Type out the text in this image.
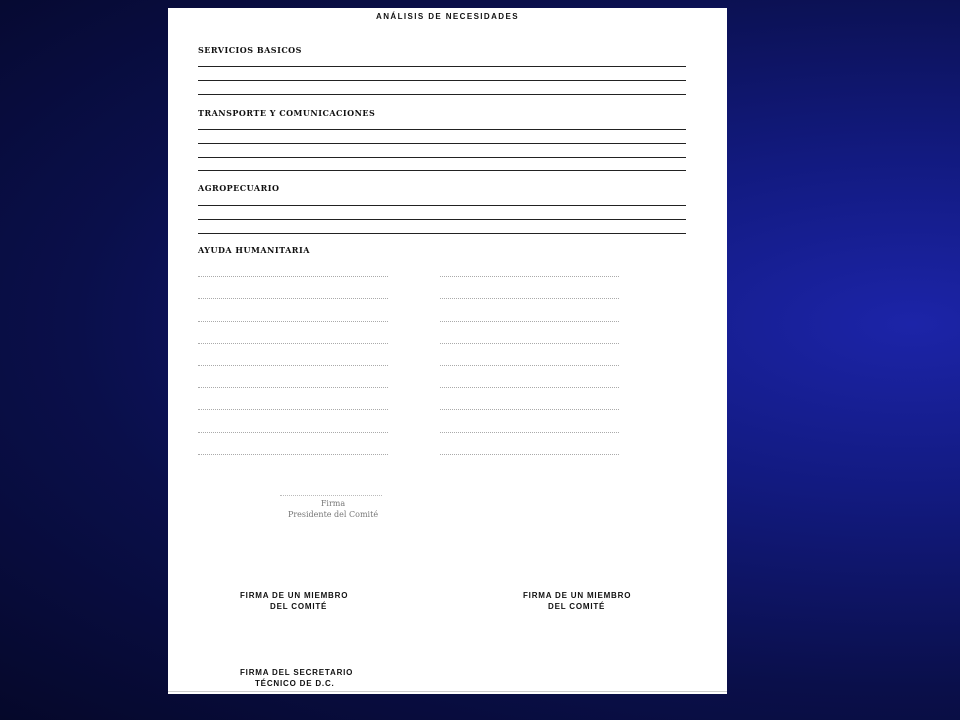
ANÁLISIS DE NECESIDADES
SERVICIOS BASICOS
TRANSPORTE Y COMUNICACIONES
AGROPECUARIO
AYUDA HUMANITARIA
Firma
Presidente del Comité
FIRMA DE UN MIEMBRO
DEL COMITÉ
FIRMA DE UN MIEMBRO
DEL COMITÉ
FIRMA DEL SECRETARIO
TÉCNICO DE D.C.
